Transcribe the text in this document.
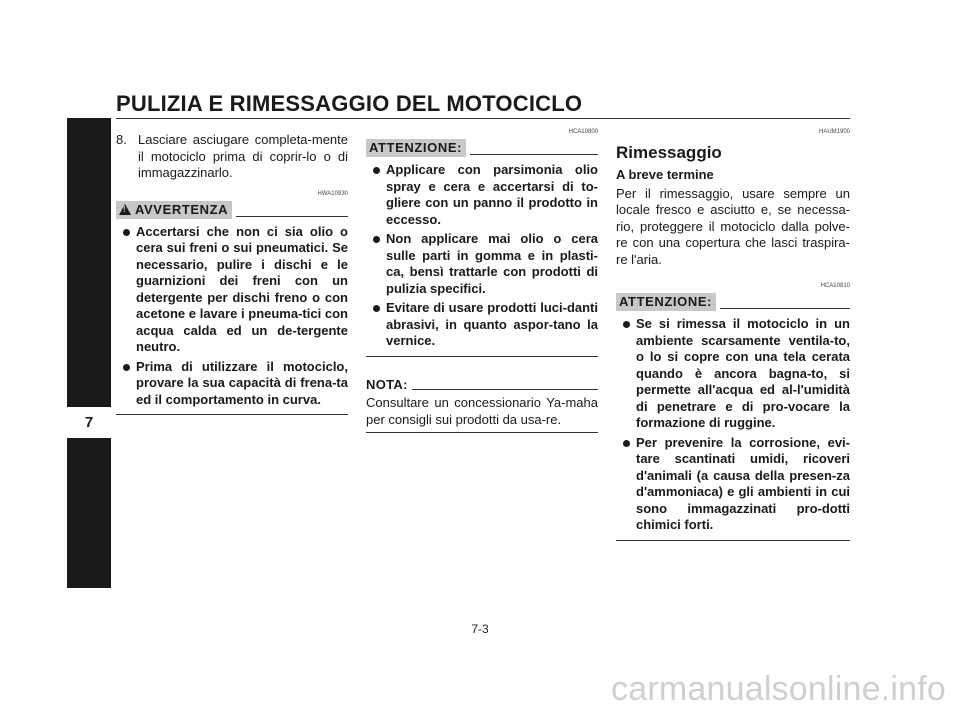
PULIZIA E RIMESSAGGIO DEL MOTOCICLO
8. Lasciare asciugare completa-mente il motociclo prima di coprir-lo o di immagazzinarlo.
HWA10930
!
AVVERTENZA
Accertarsi che non ci sia olio o cera sui freni o sui pneumatici. Se necessario, pulire i dischi e le guarnizioni dei freni con un detergente per dischi freno o con acetone e lavare i pneuma-tici con acqua calda ed un de-tergente neutro.
Prima di utilizzare il motociclo, provare la sua capacità di frena-ta ed il comportamento in curva.
HCA10800
ATTENZIONE:
Applicare con parsimonia olio spray e cera e accertarsi di to-gliere con un panno il prodotto in eccesso.
Non applicare mai olio o cera sulle parti in gomma e in plasti-ca, bensì trattarle con prodotti di pulizia specifici.
Evitare di usare prodotti luci-danti abrasivi, in quanto aspor-tano la vernice.
NOTA:
Consultare un concessionario Ya-maha per consigli sui prodotti da usa-re.
HAUM1900
Rimessaggio
A breve termine
Per il rimessaggio, usare sempre un locale fresco e asciutto e, se necessa-rio, proteggere il motociclo dalla polve-re con una copertura che lasci traspira-re l'aria.
HCA10810
ATTENZIONE:
Se si rimessa il motociclo in un ambiente scarsamente ventila-to, o lo si copre con una tela cerata quando è ancora bagna-to, si permette all'acqua ed al-l'umidità di penetrare e di pro-vocare la formazione di ruggine.
Per prevenire la corrosione, evi-tare scantinati umidi, ricoveri d'animali (a causa della presen-za d'ammoniaca) e gli ambienti in cui sono immagazzinati pro-dotti chimici forti.
7
7-3
carmanualsonline.info
